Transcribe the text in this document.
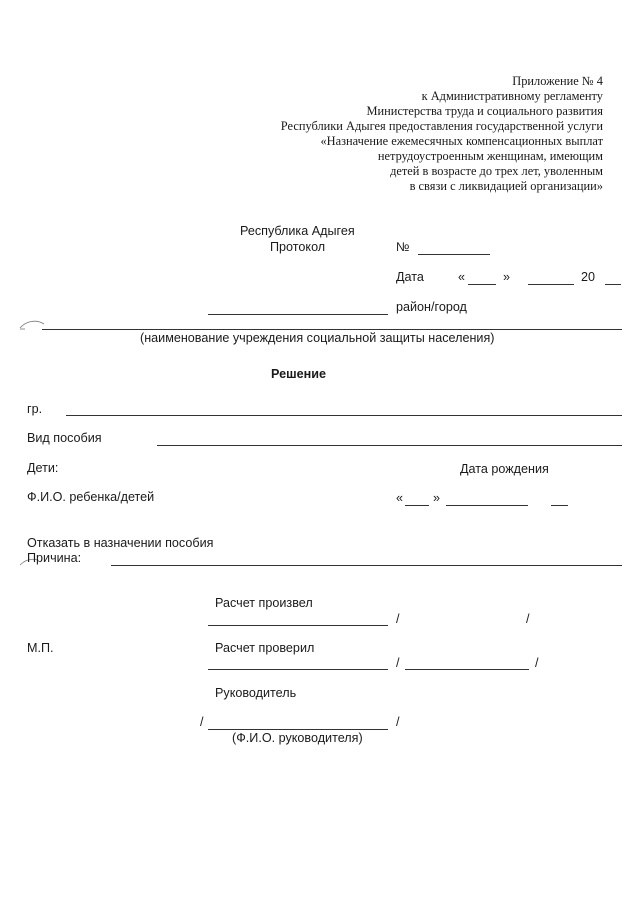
Приложение № 4
к Административному регламенту
Министерства труда и социального развития
Республики Адыгея предоставления государственной услуги
«Назначение ежемесячных компенсационных выплат
нетрудоустроенным женщинам, имеющим
детей в возрасте до трех лет, уволенным
в связи с ликвидацией организации»
Республика Адыгея
Протокол	№
Дата	«	»	20
район/город
(наименование учреждения социальной защиты населения)
Решение
гр.
Вид пособия
Дети:	Дата рождения
Ф.И.О. ребенка/детей	« »
Отказать в назначении пособия
Причина:
Расчет произвел
/	/
М.П.	Расчет проверил
/	/
Руководитель
/	/
(Ф.И.О. руководителя)
